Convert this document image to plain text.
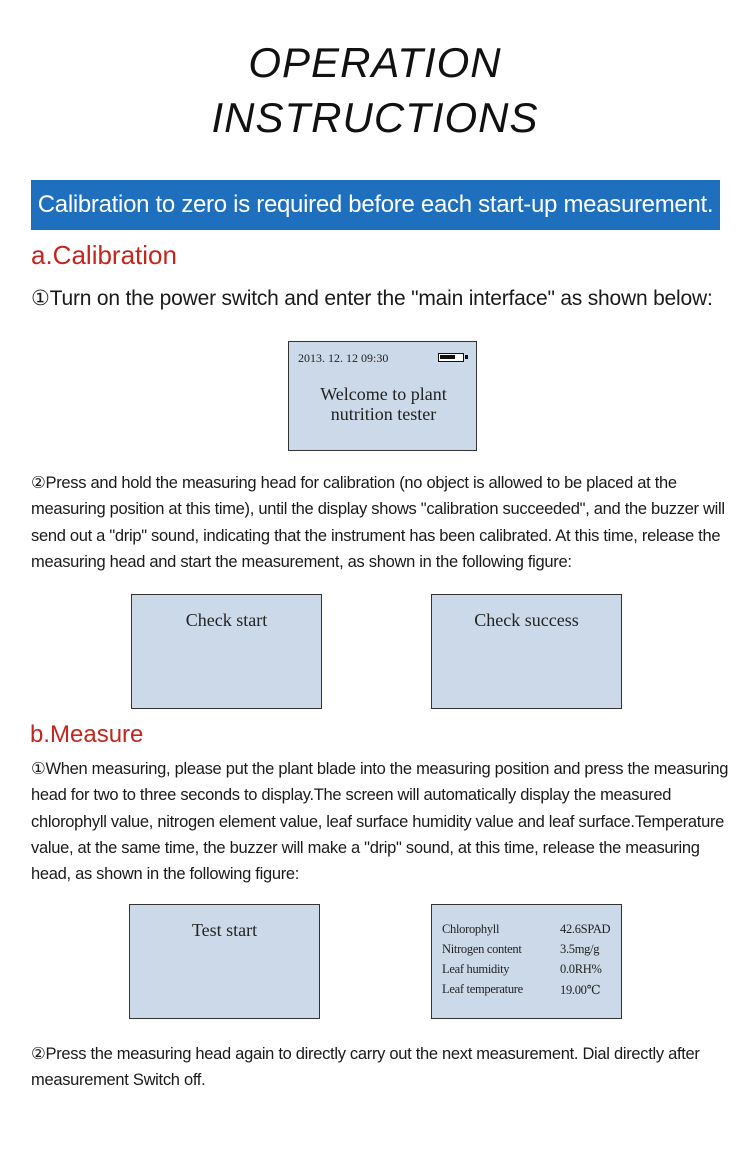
OPERATION
INSTRUCTIONS
Calibration to zero is required before each start-up measurement.
a.Calibration
①Turn on the power switch and enter the "main interface" as shown below:
2013. 12. 12 09:30
Welcome to plant
nutrition tester
②Press and hold the measuring head for calibration (no object is allowed to be placed at the measuring position at this time), until the display shows "calibration succeeded", and the buzzer will send out a "drip" sound, indicating that the instrument has been calibrated. At this time, release the measuring head and start the measurement, as shown in the following figure:
Check start	Check success
b.Measure
①When measuring, please put the plant blade into the measuring position and press the measuring head for two to three seconds to display.The screen will automatically display the measured chlorophyll value, nitrogen element value, leaf surface humidity value and leaf surface.Temperature value, at the same time, the buzzer will make a "drip" sound, at this time, release the measuring head, as shown in the following figure:
Test start	Chlorophyll	42.6SPAD
Nitrogen content	3.5mg/g
Leaf humidity	0.0RH%
Leaf temperature	19.00℃
②Press the measuring head again to directly carry out the next measurement. Dial directly after measurement Switch off.
